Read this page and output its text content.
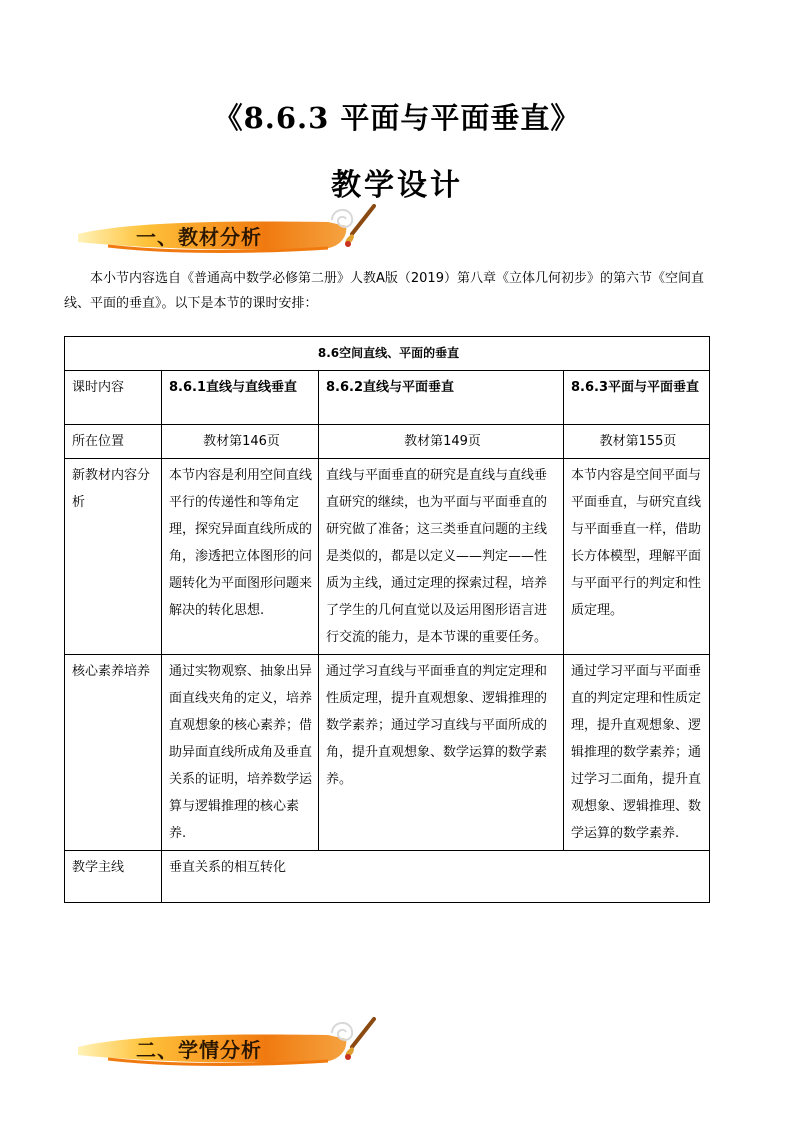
《8.6.3 平面与平面垂直》
教学设计
一、教材分析
本小节内容选自《普通高中数学必修第二册》人教A版（2019）第八章《立体几何初步》的第六节《空间直线、平面的垂直》。以下是本节的课时安排：
8.6空间直线、平面的垂直			
课时内容	8.6.1直线与直线垂直	8.6.2直线与平面垂直	8.6.3平面与平面垂直
所在位置	教材第146页	教材第149页	教材第155页
新教材内容分析	本节内容是利用空间直线平行的传递性和等角定理，探究异面直线所成的角，渗透把立体图形的问题转化为平面图形问题来解决的转化思想.	直线与平面垂直的研究是直线与直线垂直研究的继续，也为平面与平面垂直的研究做了准备；这三类垂直问题的主线是类似的，都是以定义——判定——性质为主线，通过定理的探索过程，培养了学生的几何直觉以及运用图形语言进行交流的能力，是本节课的重要任务。	本节内容是空间平面与平面垂直，与研究直线与平面垂直一样，借助长方体模型，理解平面与平面平行的判定和性质定理。
核心素养培养	通过实物观察、抽象出异面直线夹角的定义，培养直观想象的核心素养；借助异面直线所成角及垂直关系的证明，培养数学运算与逻辑推理的核心素养.	通过学习直线与平面垂直的判定定理和性质定理，提升直观想象、逻辑推理的数学素养；通过学习直线与平面所成的角，提升直观想象、数学运算的数学素养。	通过学习平面与平面垂直的判定定理和性质定理，提升直观想象、逻辑推理的数学素养；通过学习二面角，提升直观想象、逻辑推理、数学运算的数学素养.
教学主线	垂直关系的相互转化		
二、学情分析
